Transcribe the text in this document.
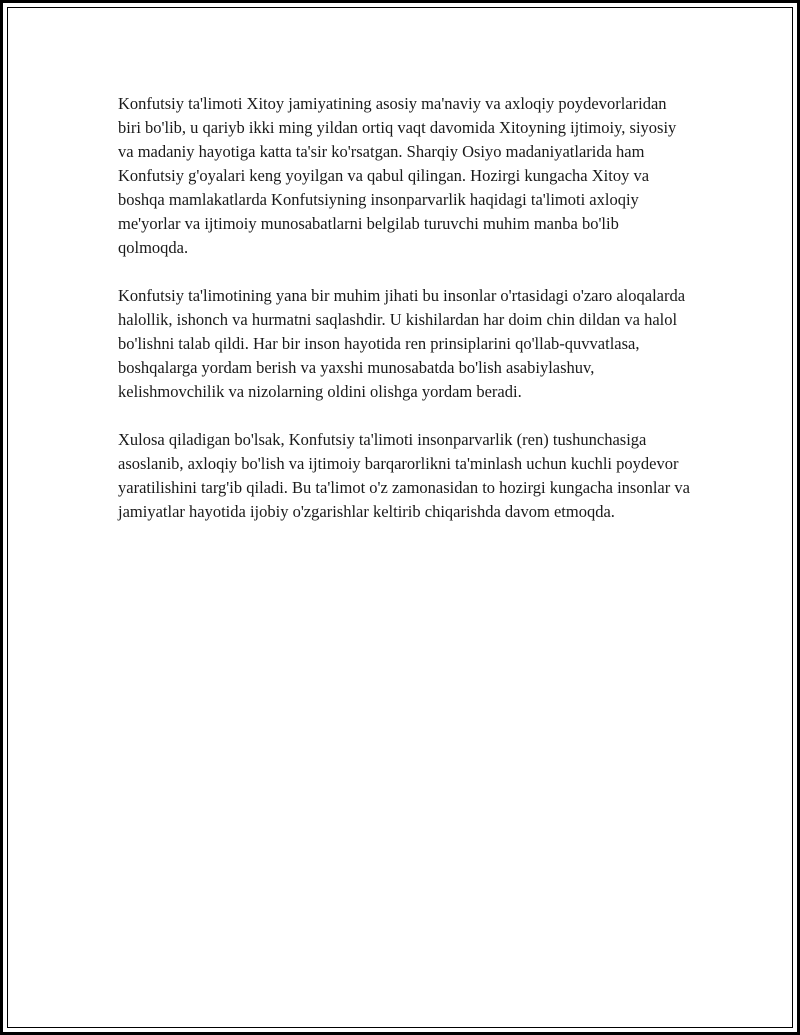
Konfutsiy ta'limoti Xitoy jamiyatining asosiy ma'naviy va axloqiy poydevorlaridan biri bo'lib, u qariyb ikki ming yildan ortiq vaqt davomida Xitoyning ijtimoiy, siyosiy va madaniy hayotiga katta ta'sir ko'rsatgan. Sharqiy Osiyo madaniyatlarida ham Konfutsiy g'oyalari keng yoyilgan va qabul qilingan. Hozirgi kungacha Xitoy va boshqa mamlakatlarda Konfutsiyning insonparvarlik haqidagi ta'limoti axloqiy me'yorlar va ijtimoiy munosabatlarni belgilab turuvchi muhim manba bo'lib qolmoqda.

Konfutsiy ta'limotining yana bir muhim jihati bu insonlar o'rtasidagi o'zaro aloqalarda halollik, ishonch va hurmatni saqlashdir. U kishilardan har doim chin dildan va halol bo'lishni talab qildi. Har bir inson hayotida ren prinsiplarini qo'llab-quvvatlasa, boshqalarga yordam berish va yaxshi munosabatda bo'lish asabiylashuv, kelishmovchilik va nizolarning oldini olishga yordam beradi.

Xulosa qiladigan bo'lsak, Konfutsiy ta'limoti insonparvarlik (ren) tushunchasiga asoslanib, axloqiy bo'lish va ijtimoiy barqarorlikni ta'minlash uchun kuchli poydevor yaratilishini targ'ib qiladi. Bu ta'limot o'z zamonasidan to hozirgi kungacha insonlar va jamiyatlar hayotida ijobiy o'zgarishlar keltirib chiqarishda davom etmoqda.
